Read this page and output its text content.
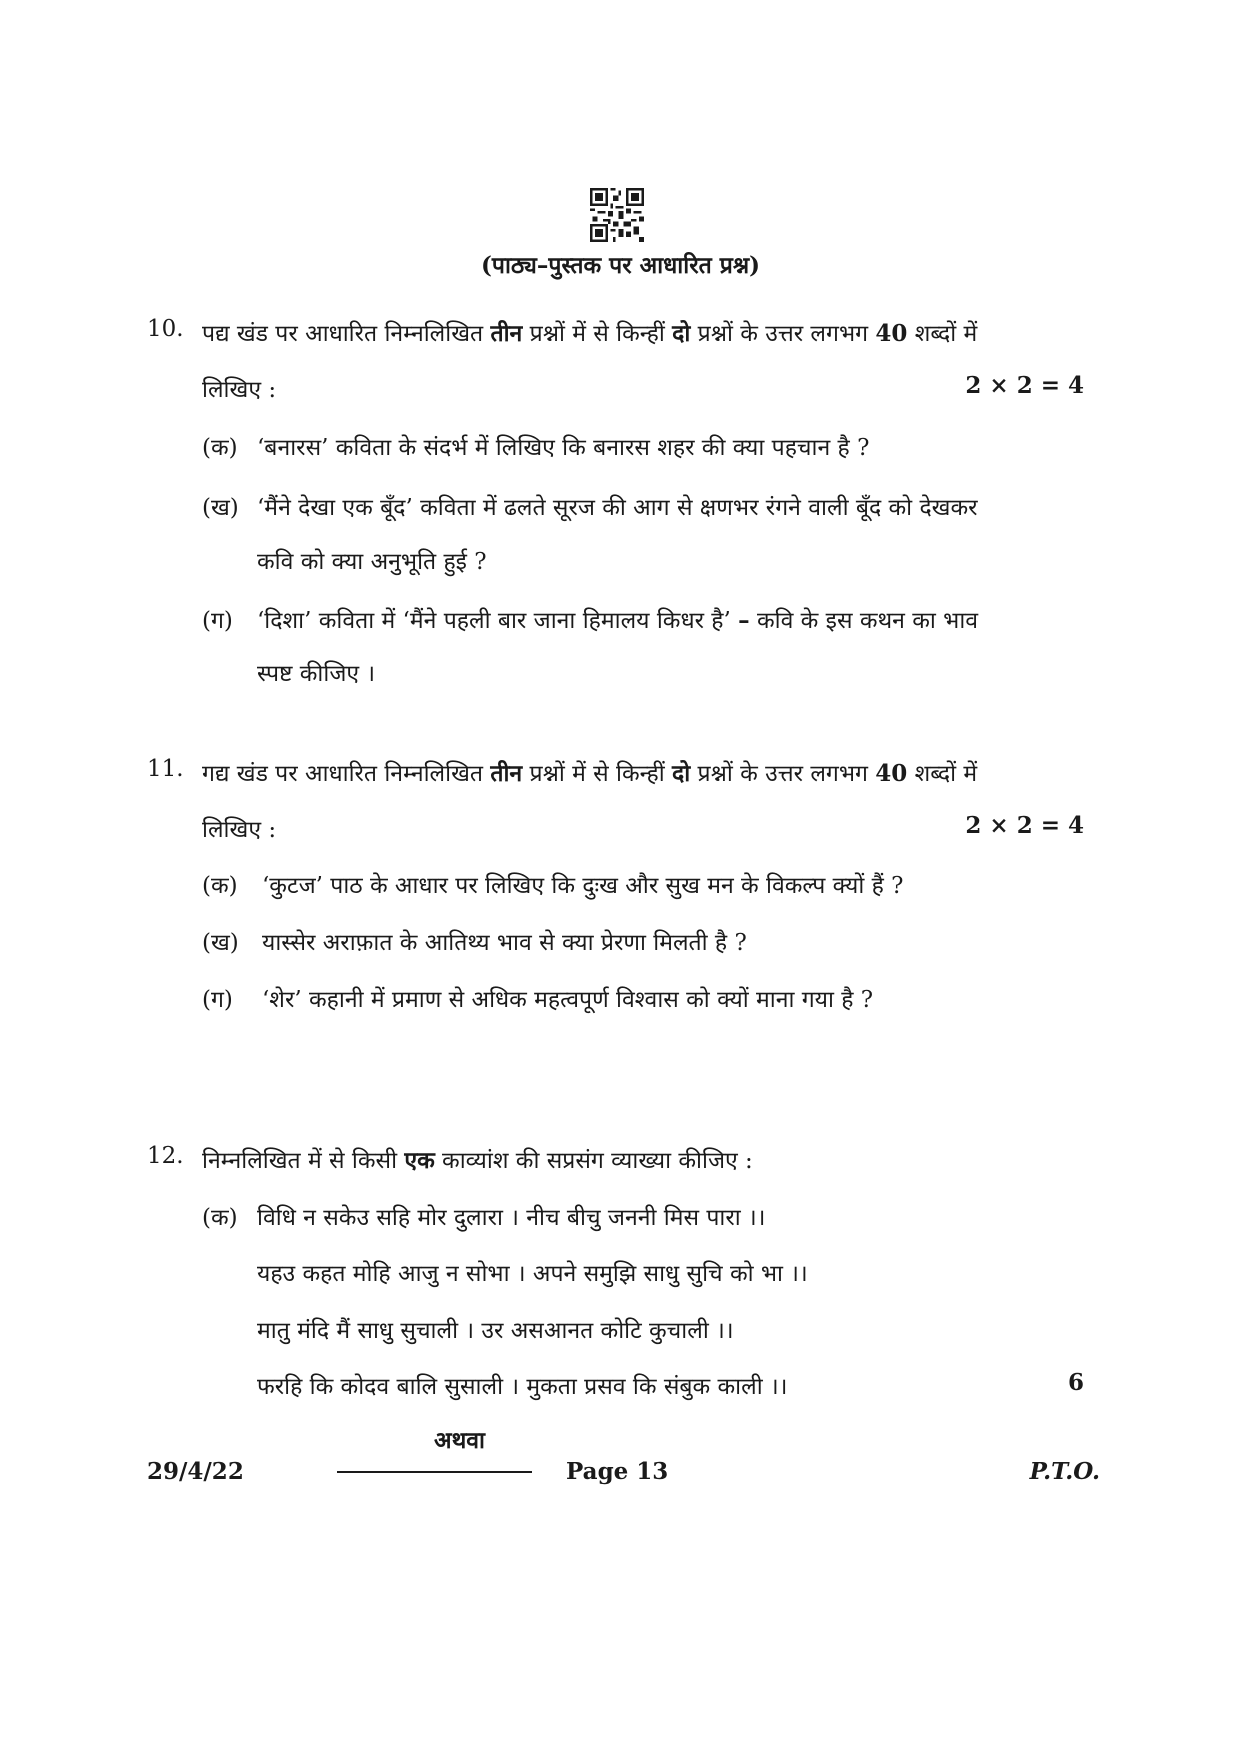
(पाठ्य–पुस्तक पर आधारित प्रश्न)
10. पद्य खंड पर आधारित निम्नलिखित तीन प्रश्नों में से किन्हीं दो प्रश्नों के उत्तर लगभग 40 शब्दों में
लिखिए :	2 × 2 = 4
(क) ‘बनारस’ कविता के संदर्भ में लिखिए कि बनारस शहर की क्या पहचान है ?
(ख) ‘मैंने देखा एक बूँद’ कविता में ढलते सूरज की आग से क्षणभर रंगने वाली बूँद को देखकर
कवि को क्या अनुभूति हुई ?
(ग) ‘दिशा’ कविता में ‘मैंने पहली बार जाना हिमालय किधर है’ – कवि के इस कथन का भाव
स्पष्ट कीजिए ।
11. गद्य खंड पर आधारित निम्नलिखित तीन प्रश्नों में से किन्हीं दो प्रश्नों के उत्तर लगभग 40 शब्दों में
लिखिए :	2 × 2 = 4
(क) ‘कुटज’ पाठ के आधार पर लिखिए कि दुःख और सुख मन के विकल्प क्यों हैं ?
(ख) यास्सेर अराफ़ात के आतिथ्य भाव से क्या प्रेरणा मिलती है ?
(ग) ‘शेर’ कहानी में प्रमाण से अधिक महत्वपूर्ण विश्वास को क्यों माना गया है ?
12. निम्नलिखित में से किसी एक काव्यांश की सप्रसंग व्याख्या कीजिए :
(क) विधि न सकेउ सहि मोर दुलारा । नीच बीचु जननी मिस पारा ।।
यहउ कहत मोहि आजु न सोभा । अपने समुझि साधु सुचि को भा ।।
मातु मंदि मैं साधु सुचाली । उर असआनत कोटि कुचाली ।।
फरहि कि कोदव बालि सुसाली । मुकता प्रसव कि संबुक काली ।।	6
अथवा
29/4/22	Page 13	P.T.O.
